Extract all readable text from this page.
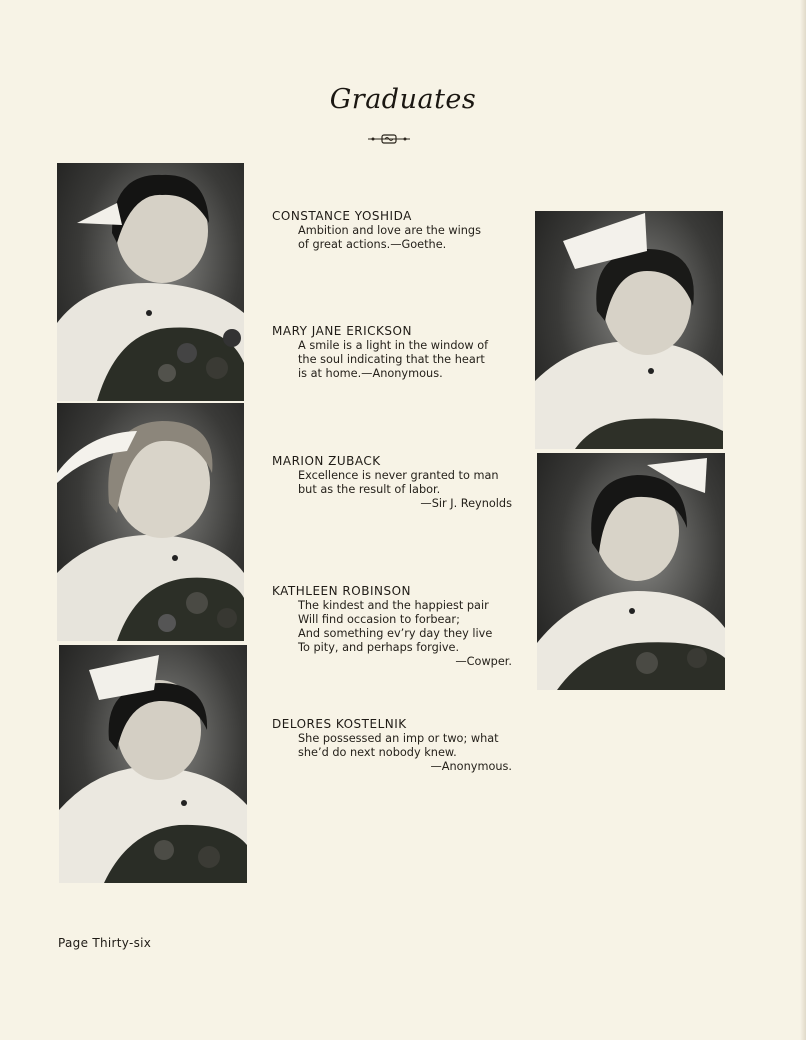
Graduates
CONSTANCE YOSHIDA
Ambition and love are the wings
of great actions.—Goethe.
MARY JANE ERICKSON
A smile is a light in the window of
the soul indicating that the heart
is at home.—Anonymous.
MARION ZUBACK
Excellence is never granted to man
but as the result of labor.
—Sir J. Reynolds
KATHLEEN ROBINSON
The kindest and the happiest pair
Will find occasion to forbear;
And something ev’ry day they live
To pity, and perhaps forgive.
—Cowper.
DELORES KOSTELNIK
She possessed an imp or two; what
she’d do next nobody knew.
—Anonymous.
Page Thirty-six
